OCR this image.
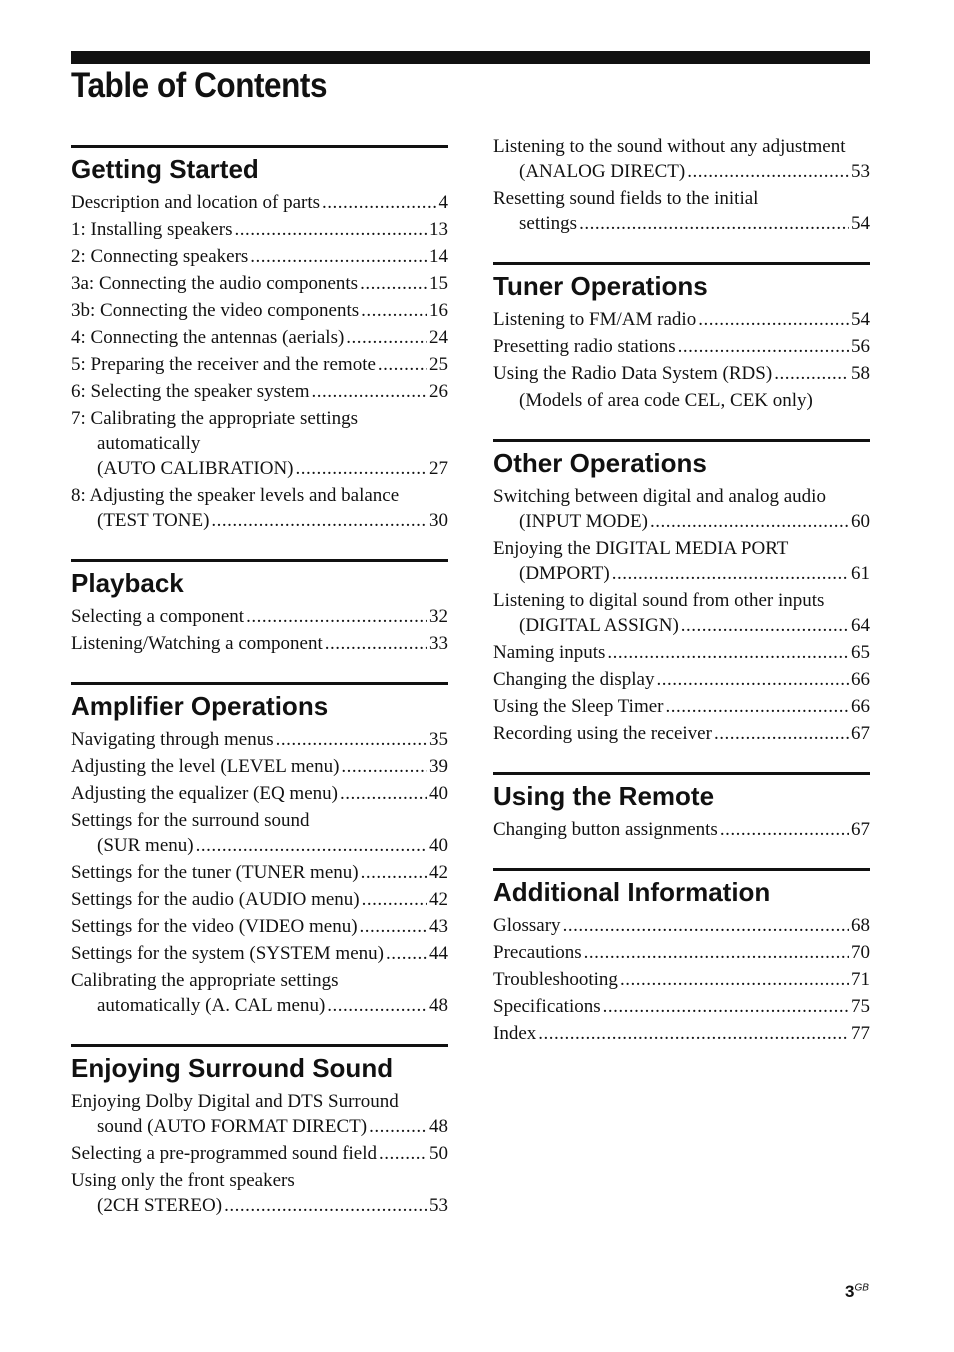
Table of Contents
Getting Started
Description and location of parts .....	4
1: Installing speakers .....	13
2: Connecting speakers .....	14
3a: Connecting the audio components .....	15
3b: Connecting the video components .....	16
4: Connecting the antennas (aerials) .....	24
5: Preparing the receiver and the remote .....	25
6: Selecting the speaker system .....	26
7: Calibrating the appropriate settings
automatically
(AUTO CALIBRATION) .....	27
8: Adjusting the speaker levels and balance
(TEST TONE) .....	30
Playback
Selecting a component .....	32
Listening/Watching a component .....	33
Amplifier Operations
Navigating through menus .....	35
Adjusting the level (LEVEL menu) .....	39
Adjusting the equalizer (EQ menu) .....	40
Settings for the surround sound
(SUR menu) .....	40
Settings for the tuner (TUNER menu) .....	42
Settings for the audio (AUDIO menu) .....	42
Settings for the video (VIDEO menu) .....	43
Settings for the system (SYSTEM menu) ..... 44
Calibrating the appropriate settings
automatically (A. CAL menu) .....	48
Enjoying Surround Sound
Enjoying Dolby Digital and DTS Surround
sound (AUTO FORMAT DIRECT) .....	48
Selecting a pre-programmed sound field .....	50
Using only the front speakers
(2CH STEREO) .....	53
Listening to the sound without any adjustment
(ANALOG DIRECT) .....	53
Resetting sound fields to the initial
settings .....	54
Tuner Operations
Listening to FM/AM radio .....	54
Presetting radio stations .....	56
Using the Radio Data System (RDS) .....	58
(Models of area code CEL, CEK only)
Other Operations
Switching between digital and analog audio
(INPUT MODE) .....	60
Enjoying the DIGITAL MEDIA PORT
(DMPORT) .....	61
Listening to digital sound from other inputs
(DIGITAL ASSIGN) .....	64
Naming inputs .....	65
Changing the display .....	66
Using the Sleep Timer .....	66
Recording using the receiver .....	67
Using the Remote
Changing button assignments .....	67
Additional Information
Glossary .....	68
Precautions .....	70
Troubleshooting .....	71
Specifications .....	75
Index .....	77
$3^{GB}$
